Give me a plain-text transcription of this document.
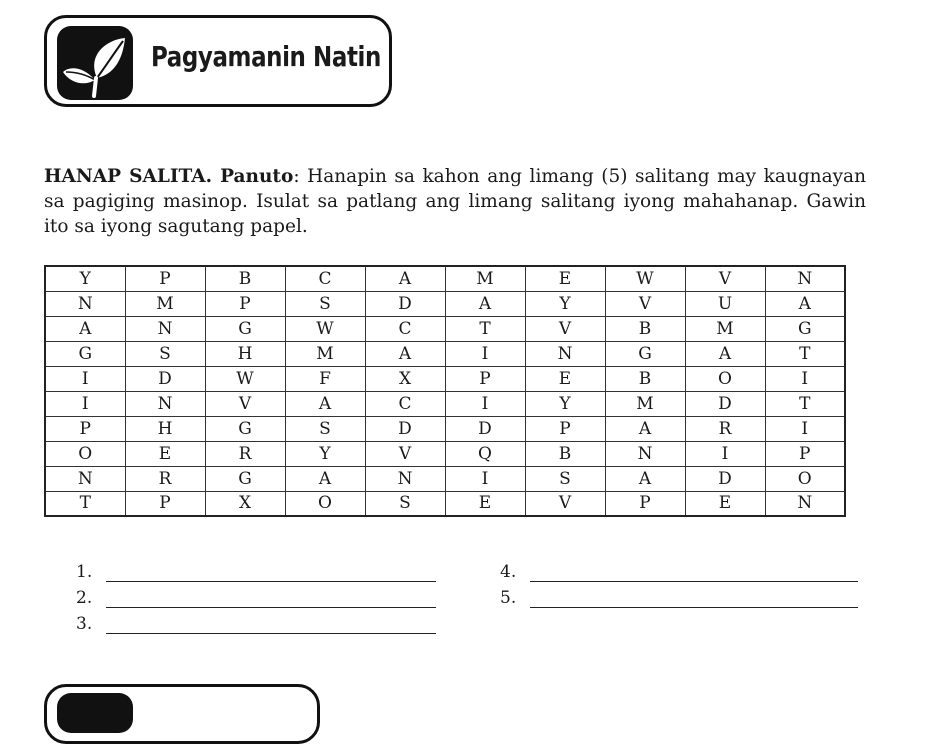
Pagyamanin Natin
HANAP SALITA. Panuto: Hanapin sa kahon ang limang (5) salitang may kaugnayan sa pagiging masinop. Isulat sa patlang ang limang salitang iyong mahahanap. Gawin ito sa iyong sagutang papel.
Y	P	B	C	A	M	E	W	V	N
N	M	P	S	D	A	Y	V	U	A
A	N	G	W	C	T	V	B	M	G
G	S	H	M	A	I	N	G	A	T
I	D	W	F	X	P	E	B	O	I
I	N	V	A	C	I	Y	M	D	T
P	H	G	S	D	D	P	A	R	I
O	E	R	Y	V	Q	B	N	I	P
N	R	G	A	N	I	S	A	D	O
T	P	X	O	S	E	V	P	E	N
1.
2.
3.
4.
5.
